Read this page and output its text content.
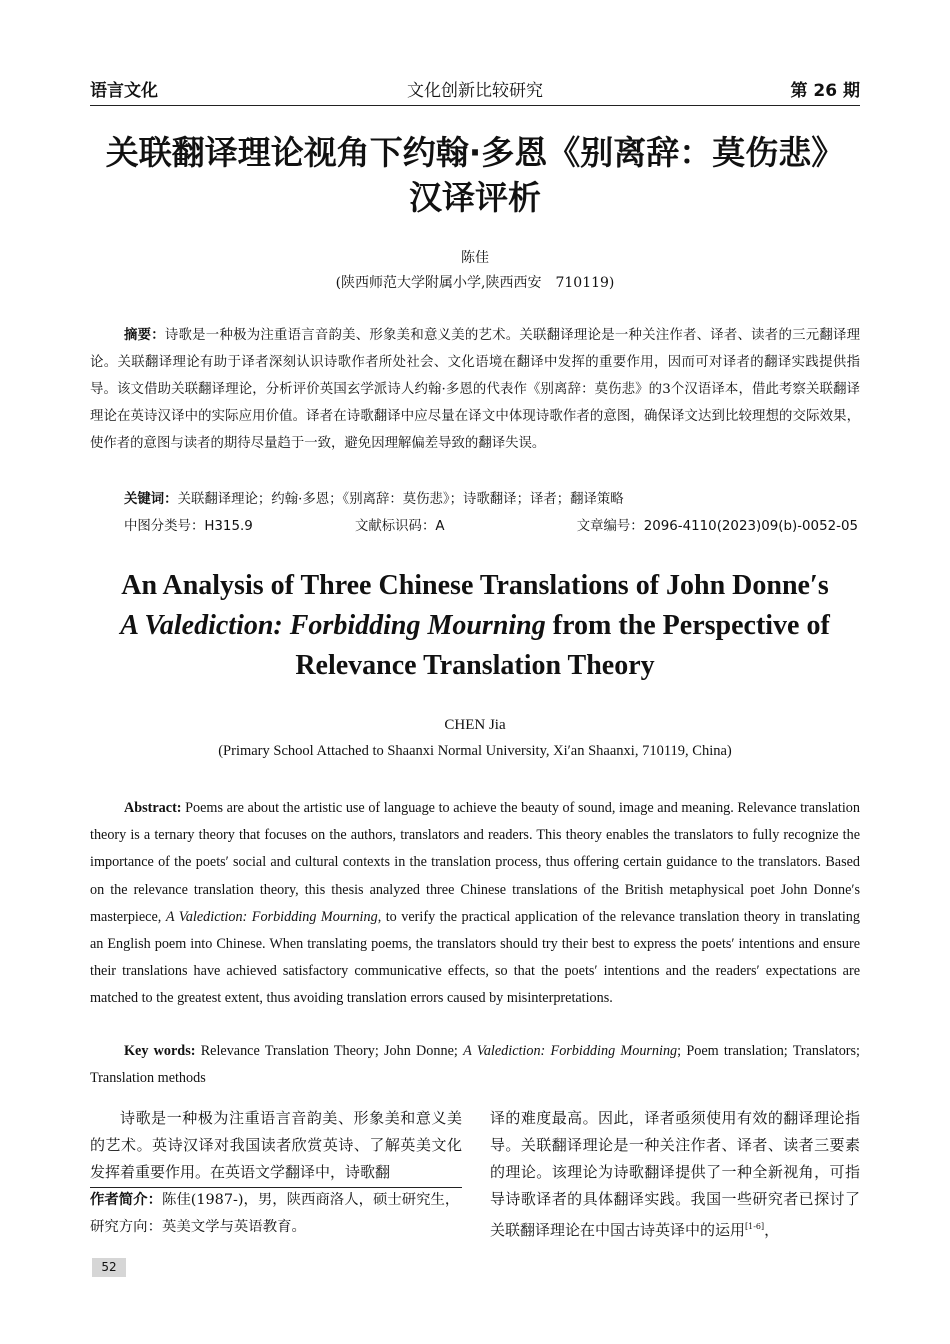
语言文化	文化创新比较研究	第 26 期
关联翻译理论视角下约翰·多恩《别离辞：莫伤悲》
汉译评析
陈佳
(陕西师范大学附属小学,陕西西安　710119)
摘要：诗歌是一种极为注重语言音韵美、形象美和意义美的艺术。关联翻译理论是一种关注作者、译者、读者的三元翻译理论。关联翻译理论有助于译者深刻认识诗歌作者所处社会、文化语境在翻译中发挥的重要作用，因而可对译者的翻译实践提供指导。该文借助关联翻译理论，分析评价英国玄学派诗人约翰·多恩的代表作《别离辞：莫伤悲》的3个汉语译本，借此考察关联翻译理论在英诗汉译中的实际应用价值。译者在诗歌翻译中应尽量在译文中体现诗歌作者的意图，确保译文达到比较理想的交际效果，使作者的意图与读者的期待尽量趋于一致，避免因理解偏差导致的翻译失误。
关键词：关联翻译理论；约翰·多恩；《别离辞：莫伤悲》；诗歌翻译；译者；翻译策略
中图分类号：H315.9	文献标识码：A	文章编号：2096-4110(2023)09(b)-0052-05
An Analysis of Three Chinese Translations of John Donne′s
A Valediction: Forbidding Mourning from the Perspective of
Relevance Translation Theory
CHEN Jia
(Primary School Attached to Shaanxi Normal University, Xi′an Shaanxi, 710119, China)
Abstract: Poems are about the artistic use of language to achieve the beauty of sound, image and meaning. Relevance translation theory is a ternary theory that focuses on the authors, translators and readers. This theory enables the translators to fully recognize the importance of the poets′ social and cultural contexts in the translation process, thus offering certain guidance to the translators. Based on the relevance translation theory, this thesis analyzed three Chinese translations of the British metaphysical poet John Donne′s masterpiece, A Valediction: Forbidding Mourning, to verify the practical application of the relevance translation theory in translating an English poem into Chinese. When translating poems, the translators should try their best to express the poets′ intentions and ensure their translations have achieved satisfactory communicative effects, so that the poets′ intentions and the readers′ expectations are matched to the greatest extent, thus avoiding translation errors caused by misinterpretations.
Key words: Relevance Translation Theory; John Donne; A Valediction: Forbidding Mourning; Poem translation; Translators; Translation methods

诗歌是一种极为注重语言音韵美、形象美和意义美的艺术。英诗汉译对我国读者欣赏英诗、了解英美文化发挥着重要作用。在英语文学翻译中，诗歌翻

作者简介：陈佳(1987-)，男，陕西商洛人，硕士研究生，研究方向：英美文学与英语教育。
译的难度最高。因此，译者亟须使用有效的翻译理论指导。关联翻译理论是一种关注作者、译者、读者三要素的理论。该理论为诗歌翻译提供了一种全新视角，可指导诗歌译者的具体翻译实践。我国一些研究者已探讨了关联翻译理论在中国古诗英译中的运用[1-6]，
52
